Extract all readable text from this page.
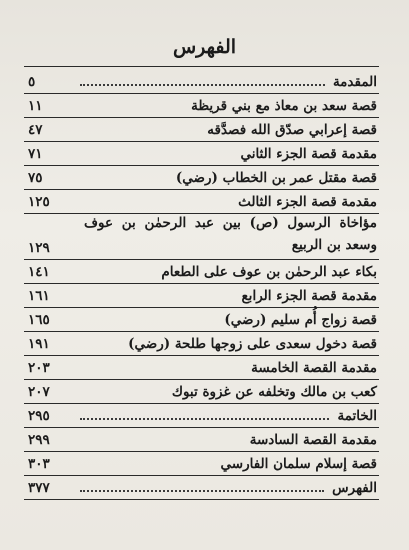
الفهرس
المقدمة
٥
قصة سعد بن معاذ مع بني قريظة
١١
قصة إعرابي صدّق الله فصدَّقه
٤٧
مقدمة قصة الجزء الثاني
٧١
قصة مقتل عمر بن الخطاب (رضي)
٧٥
مقدمة قصة الجزء الثالث
١٢٥
مؤاخاة الرسول (ص) بين عبد الرحمٰن بن عوف وسعد بن الربيع
١٢٩
بكاء عبد الرحمٰن بن عوف على الطعام
١٤١
مقدمة قصة الجزء الرابع
١٦١
قصة زواج أُم سليم (رضي)
١٦٥
قصة دخول سعدى على زوجها طلحة (رضي)
١٩١
مقدمة القصة الخامسة
٢٠٣
كعب بن مالك وتخلفه عن غزوة تبوك
٢٠٧
الخاتمة
٢٩٥
مقدمة القصة السادسة
٢٩٩
قصة إسلام سلمان الفارسي
٣٠٣
الفهرس
٣٧٧
